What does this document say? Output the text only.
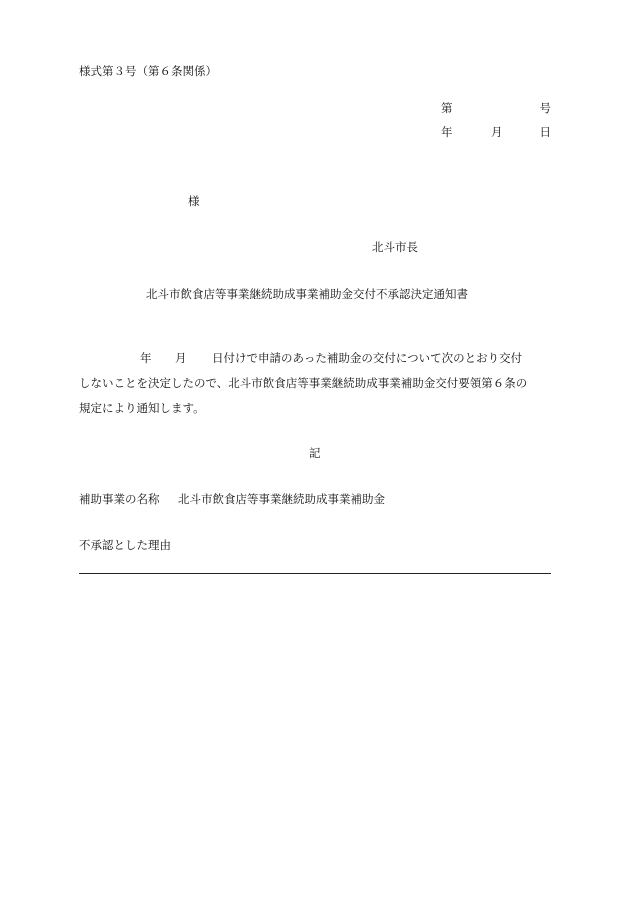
様式第３号（第６条関係）
第	号
年	月	日
様
北斗市長
北斗市飲食店等事業継続助成事業補助金交付不承認決定通知書
年 月 日付けで申請のあった補助金の交付について次のとおり交付
しないことを決定したので、北斗市飲食店等事業継続助成事業補助金交付要領第６条の
規定により通知します。
記
補助事業の名称 北斗市飲食店等事業継続助成事業補助金
不承認とした理由
